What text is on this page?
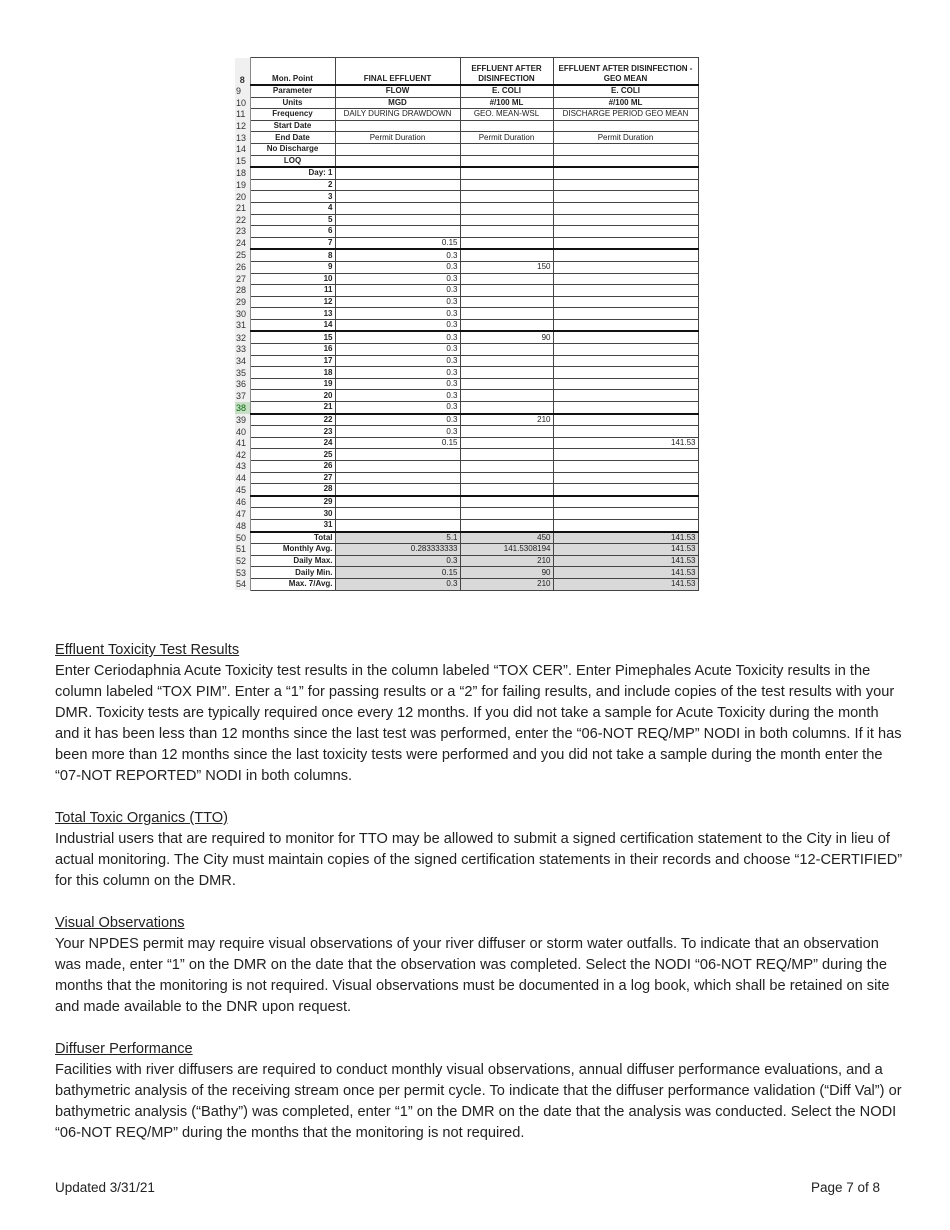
8	Mon. Point	FINAL EFFLUENT	EFFLUENT AFTER DISINFECTION	EFFLUENT AFTER DISINFECTION - GEO MEAN
9	Parameter	FLOW	E. COLI	E. COLI
10	Units	MGD	#/100 ML	#/100 ML
11	Frequency	DAILY DURING DRAWDOWN	GEO. MEAN-WSL	DISCHARGE PERIOD GEO MEAN
12	Start Date			
13	End Date	Permit Duration	Permit Duration	Permit Duration
14	No Discharge			
15	LOQ			
18	Day: 1			
19	2			
20	3			
21	4			
22	5			
23	6			
24	7	0.15		
25	8	0.3		
26	9	0.3	150	
27	10	0.3		
28	11	0.3		
29	12	0.3		
30	13	0.3		
31	14	0.3		
32	15	0.3	90	
33	16	0.3		
34	17	0.3		
35	18	0.3		
36	19	0.3		
37	20	0.3		
38	21	0.3		
39	22	0.3	210	
40	23	0.3		
41	24	0.15		141.53
42	25			
43	26			
44	27			
45	28			
46	29			
47	30			
48	31			
50	Total	5.1	450	141.53
51	Monthly Avg.	0.283333333	141.5308194	141.53
52	Daily Max.	0.3	210	141.53
53	Daily Min.	0.15	90	141.53
54	Max. 7/Avg.	0.3	210	141.53
Effluent Toxicity Test Results

Enter Ceriodaphnia Acute Toxicity test results in the column labeled “TOX CER”. Enter Pimephales Acute Toxicity results in the column labeled “TOX PIM”. Enter a “1” for passing results or a “2” for failing results, and include copies of the test results with your DMR. Toxicity tests are typically required once every 12 months. If you did not take a sample for Acute Toxicity during the month and it has been less than 12 months since the last test was performed, enter the “06-NOT REQ/MP” NODI in both columns. If it has been more than 12 months since the last toxicity tests were performed and you did not take a sample during the month enter the “07-NOT REPORTED” NODI in both columns.

Total Toxic Organics (TTO)

Industrial users that are required to monitor for TTO may be allowed to submit a signed certification statement to the City in lieu of actual monitoring. The City must maintain copies of the signed certification statements in their records and choose “12-CERTIFIED” for this column on the DMR.

Visual Observations

Your NPDES permit may require visual observations of your river diffuser or storm water outfalls. To indicate that an observation was made, enter “1” on the DMR on the date that the observation was completed. Select the NODI “06-NOT REQ/MP” during the months that the monitoring is not required. Visual observations must be documented in a log book, which shall be retained on site and made available to the DNR upon request.

Diffuser Performance

Facilities with river diffusers are required to conduct monthly visual observations, annual diffuser performance evaluations, and a bathymetric analysis of the receiving stream once per permit cycle. To indicate that the diffuser performance validation (“Diff Val”) or bathymetric analysis (“Bathy”) was completed, enter “1” on the DMR on the date that the analysis was conducted. Select the NODI “06-NOT REQ/MP” during the months that the monitoring is not required.

Updated 3/31/21	Page 7 of 8
